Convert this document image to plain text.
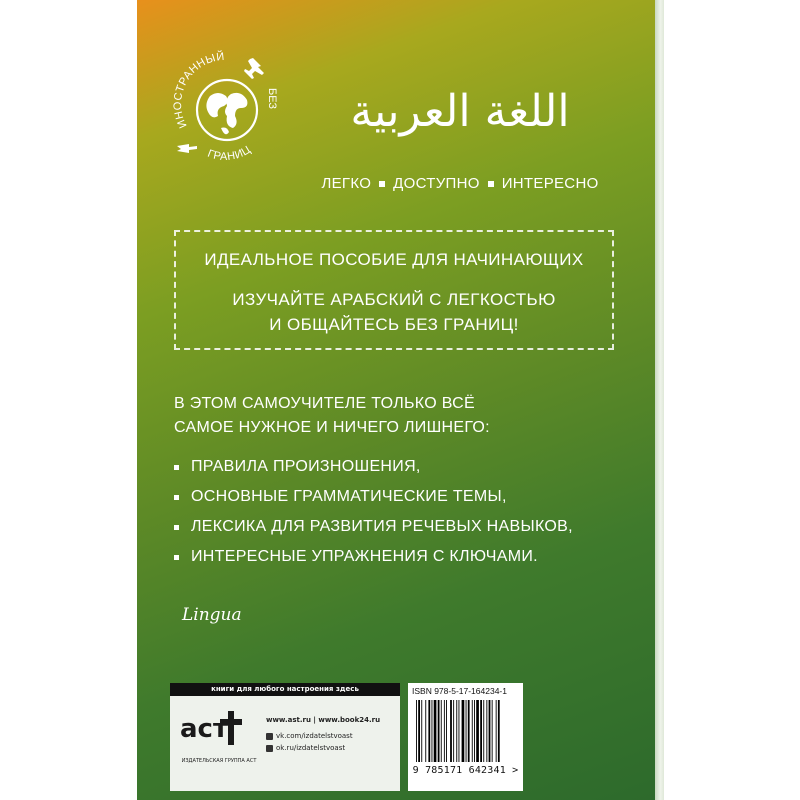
ИНОСТРАННЫЙ
БЕЗ
ГРАНИЦ
اللغة العربية
ЛЕГКО ДОСТУПНО ИНТЕРЕСНО
ИДЕАЛЬНОЕ ПОСОБИЕ ДЛЯ НАЧИНАЮЩИХ
ИЗУЧАЙТЕ АРАБСКИЙ С ЛЕГКОСТЬЮ
И ОБЩАЙТЕСЬ БЕЗ ГРАНИЦ!
В ЭТОМ САМОУЧИТЕЛЕ ТОЛЬКО ВСЁ
САМОЕ НУЖНОЕ И НИЧЕГО ЛИШНЕГО:
ПРАВИЛА ПРОИЗНОШЕНИЯ,
ОСНОВНЫЕ ГРАММАТИЧЕСКИЕ ТЕМЫ,
ЛЕКСИКА ДЛЯ РАЗВИТИЯ РЕЧЕВЫХ НАВЫКОВ,
ИНТЕРЕСНЫЕ УПРАЖНЕНИЯ С КЛЮЧАМИ.
Lingua
книги для любого настроения здесь
аст
ИЗДАТЕЛЬСКАЯ ГРУППА АСТ
www.ast.ru | www.book24.ru
vk.com/izdatelstvoast
ok.ru/izdatelstvoast
ISBN 978-5-17-164234-1
9 785171 642341 >
